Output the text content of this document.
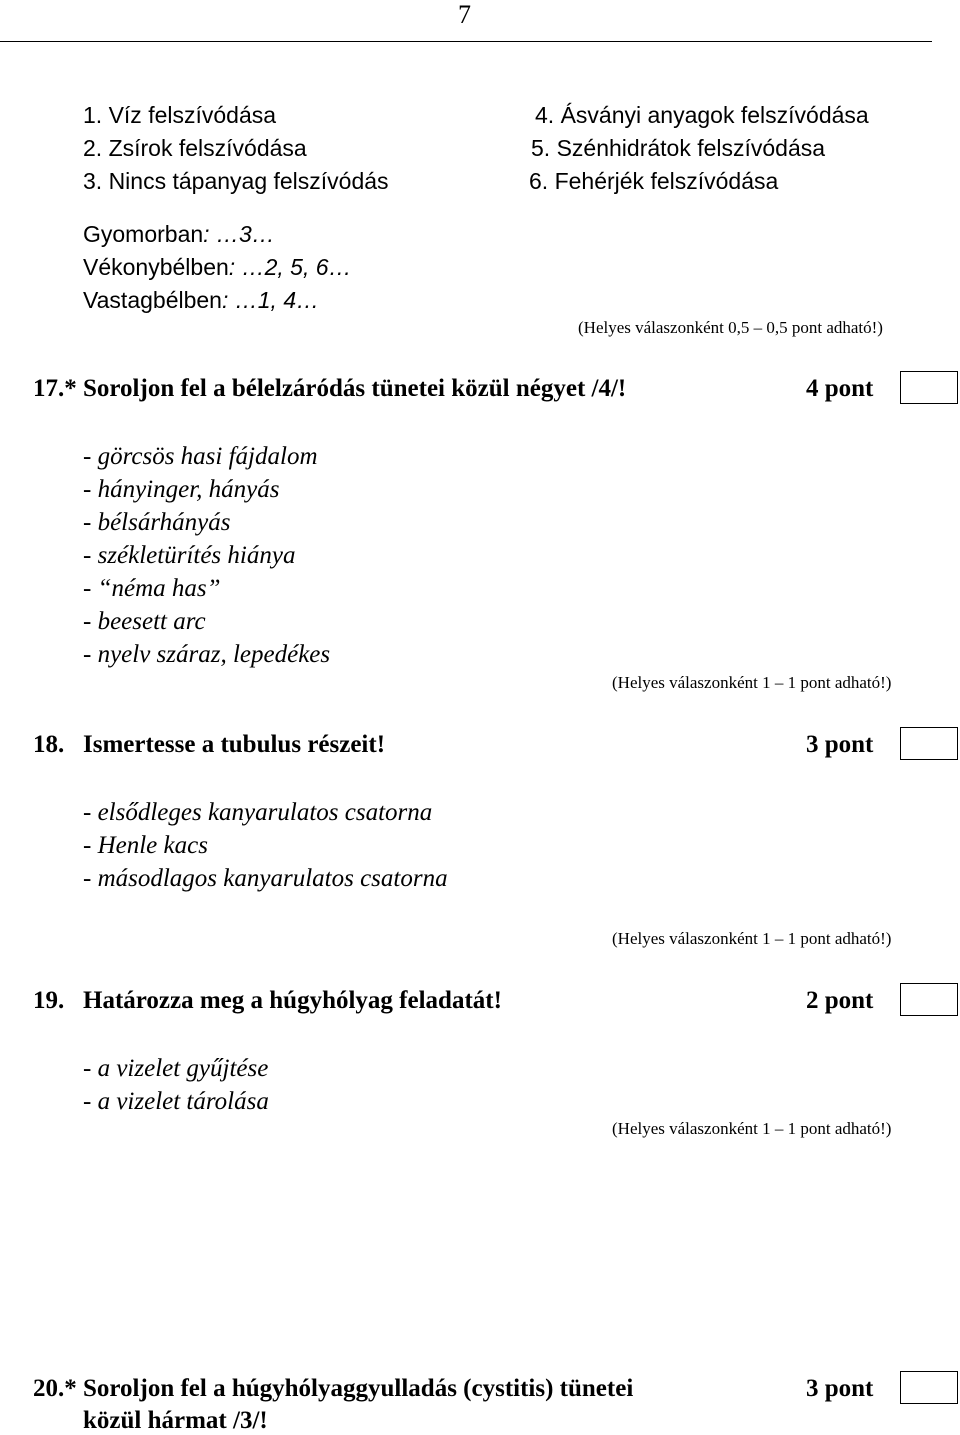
7
1. Víz felszívódása
2. Zsírok felszívódása
3. Nincs tápanyag felszívódás
4. Ásványi anyagok felszívódása
5. Szénhidrátok felszívódása
6. Fehérjék felszívódása
Gyomorban: …3…
Vékonybélben: …2, 5, 6…
Vastagbélben: …1, 4…
(Helyes válaszonként 0,5 – 0,5 pont adható!)
17.* Soroljon fel a bélelzáródás tünetei közül négyet /4/!	4 pont
- görcsös hasi fájdalom
- hányinger, hányás
- bélsárhányás
- székletürítés hiánya
- “néma has”
- beesett arc
- nyelv száraz, lepedékes
(Helyes válaszonként 1 – 1 pont adható!)
18. Ismertesse a tubulus részeit!	3 pont
- elsődleges kanyarulatos csatorna
- Henle kacs
- másodlagos kanyarulatos csatorna
(Helyes válaszonként 1 – 1 pont adható!)
19. Határozza meg a húgyhólyag feladatát!	2 pont
- a vizelet gyűjtése
- a vizelet tárolása
(Helyes válaszonként 1 – 1 pont adható!)
20.* Soroljon fel a húgyhólyaggyulladás (cystitis) tünetei
közül hármat /3/!
3 pont
